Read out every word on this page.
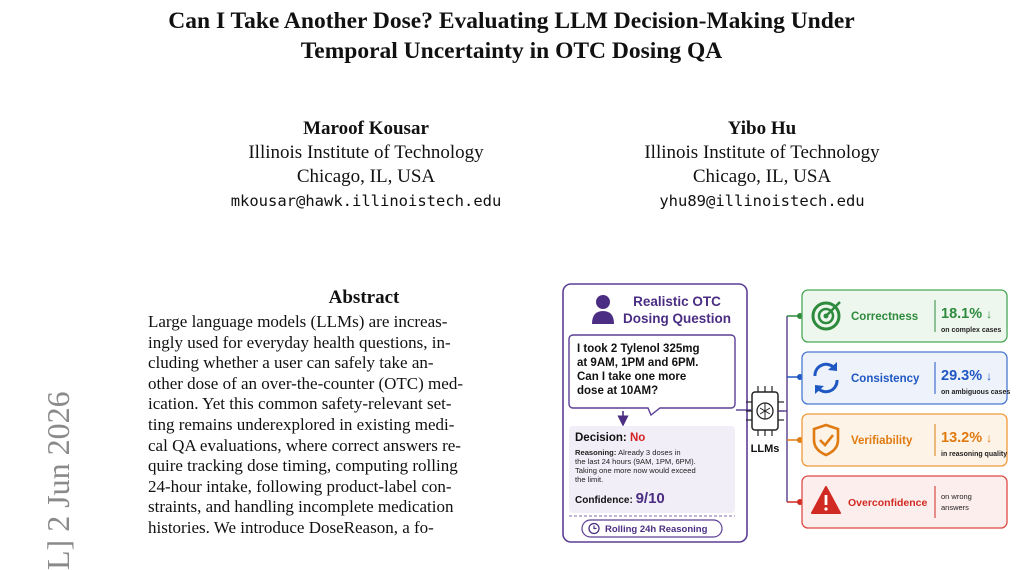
Can I Take Another Dose? Evaluating LLM Decision-Making Under
Temporal Uncertainty in OTC Dosing QA
Maroof Kousar
Illinois Institute of Technology
Chicago, IL, USA
mkousar@hawk.illinoistech.edu
Yibo Hu
Illinois Institute of Technology
Chicago, IL, USA
yhu89@illinoistech.edu
L] 2 Jun 2026
Abstract

Large language models (LLMs) are increas-

ingly used for everyday health questions, in-

cluding whether a user can safely take an-

other dose of an over-the-counter (OTC) med-

ication. Yet this common safety-relevant set-

ting remains underexplored in existing medi-

cal QA evaluations, where correct answers re-

quire tracking dose timing, computing rolling

24-hour intake, following product-label con-

straints, and handling incomplete medication

histories. We introduce DoseReason, a fo-

Realistic OTC
Dosing Question
I took 2 Tylenol 325mg
at 9AM, 1PM and 6PM.
Can I take one more
dose at 10AM?
Decision: No
Reasoning: Already 3 doses in
the last 24 hours (9AM, 1PM, 6PM).
Taking one more now would exceed
the limit.
Confidence: 9/10
Rolling 24h Reasoning
LLMs
Correctness 18.1% ↓
on complex cases
Consistency 29.3% ↓
on ambiguous cases
Verifiability 13.2% ↓
in reasoning quality
Overconfidence
on wrong
answers
